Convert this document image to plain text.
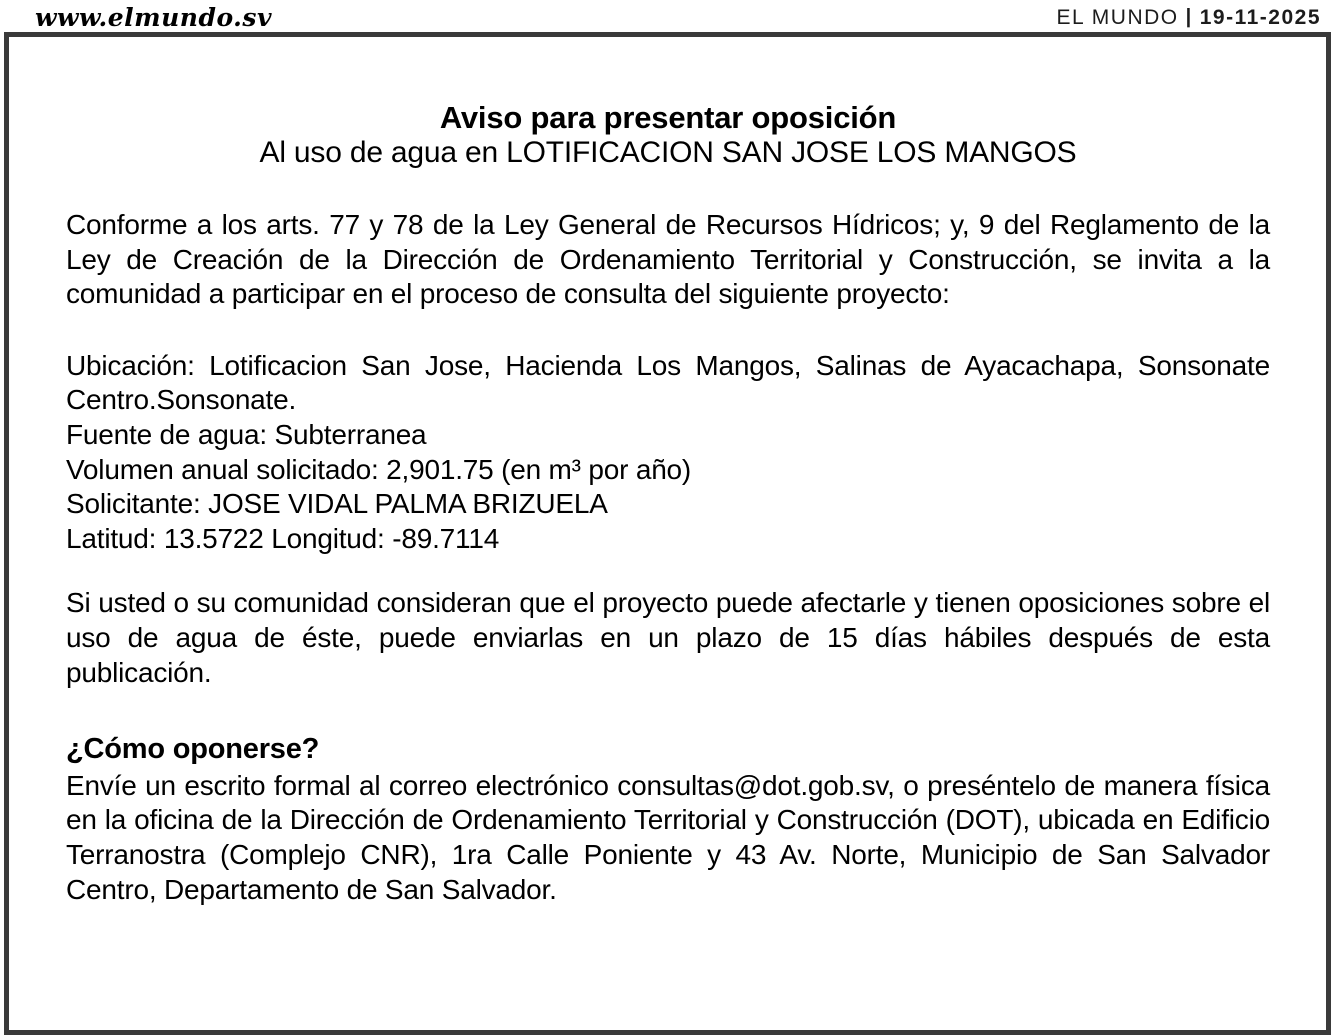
www.elmundo.sv	EL MUNDO | 19-11-2025
Aviso para presentar oposición
Al uso de agua en LOTIFICACION SAN JOSE LOS MANGOS
Conforme a los arts. 77 y 78 de la Ley General de Recursos Hídricos; y, 9 del Reglamento de la Ley de Creación de la Dirección de Ordenamiento Territorial y Construcción, se invita a la comunidad a participar en el proceso de consulta del siguiente proyecto:
Ubicación: Lotificacion San Jose, Hacienda Los Mangos, Salinas de Ayacachapa, Sonsonate Centro.Sonsonate.
Fuente de agua: Subterranea
Volumen anual solicitado: 2,901.75 (en m³ por año)
Solicitante: JOSE VIDAL PALMA BRIZUELA
Latitud: 13.5722 Longitud: -89.7114
Si usted o su comunidad consideran que el proyecto puede afectarle y tienen oposiciones sobre el uso de agua de éste, puede enviarlas en un plazo de 15 días hábiles después de esta publicación.
¿Cómo oponerse?
Envíe un escrito formal al correo electrónico consultas@dot.gob.sv, o preséntelo de manera física en la oficina de la Dirección de Ordenamiento Territorial y Construcción (DOT), ubicada en Edificio Terranostra (Complejo CNR), 1ra Calle Poniente y 43 Av. Norte, Municipio de San Salvador Centro, Departamento de San Salvador.
